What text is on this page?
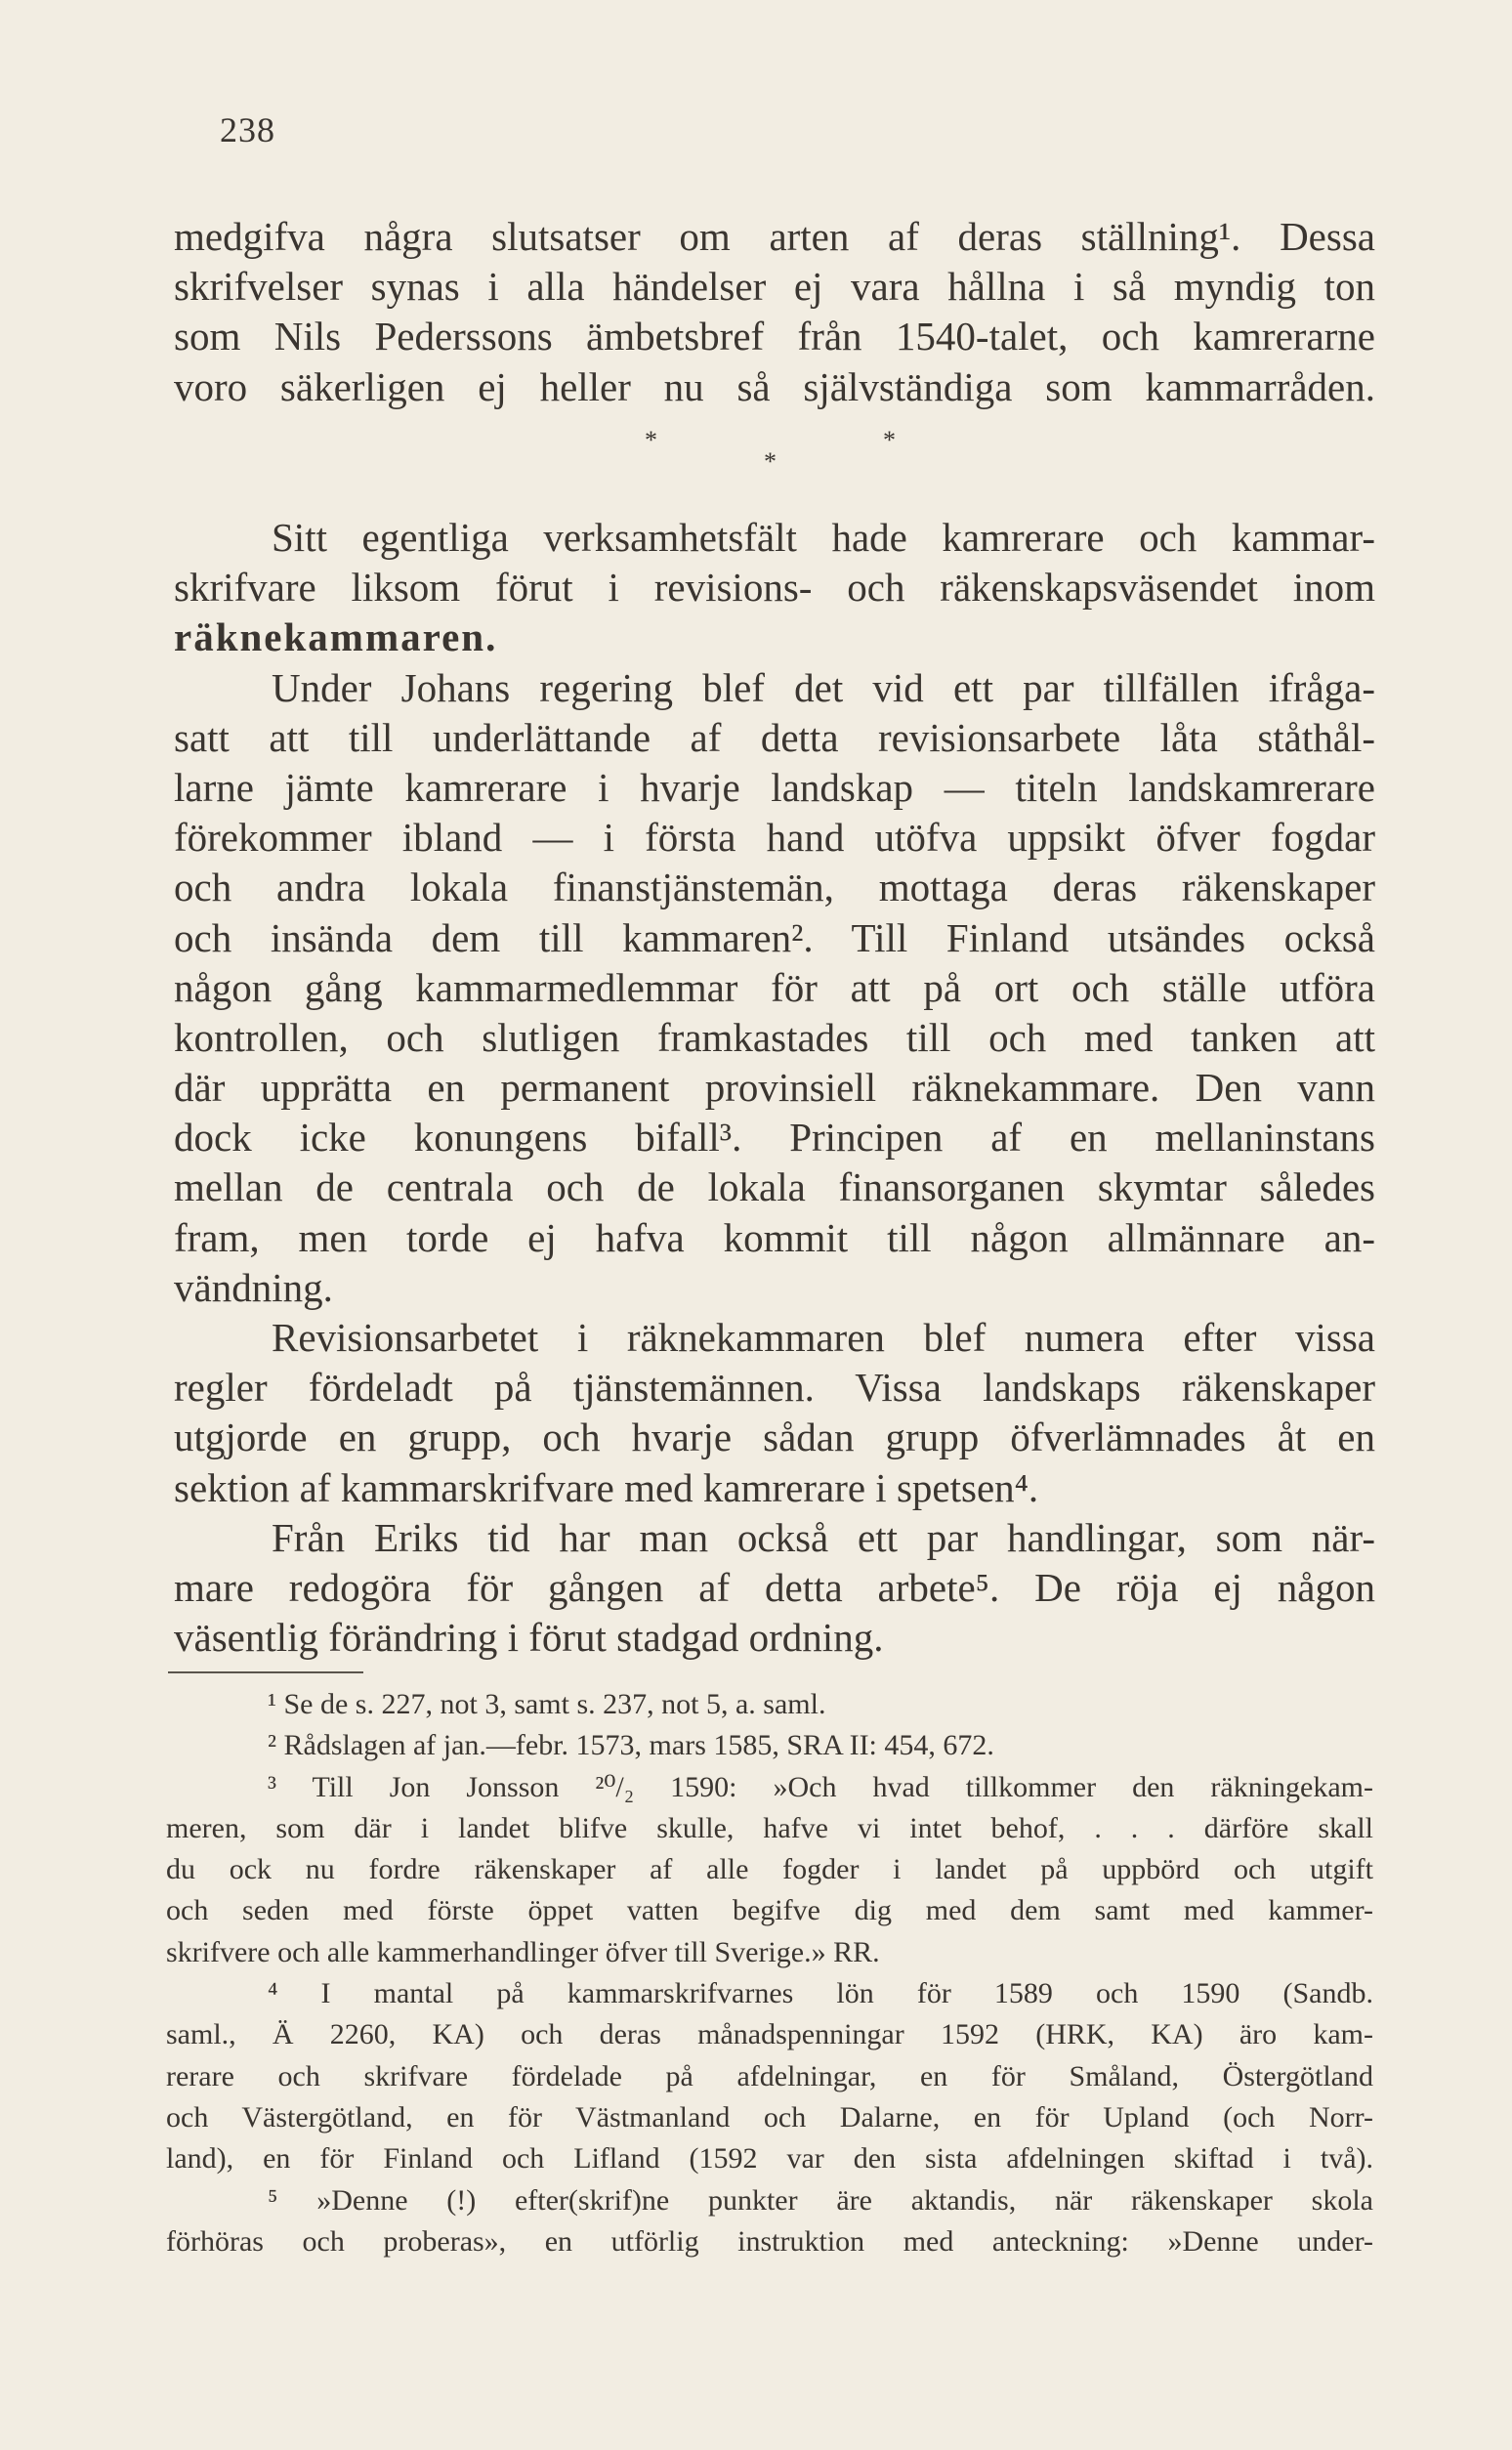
238
medgifva några slutsatser om arten af deras ställning¹. Dessa
skrifvelser synas i alla händelser ej vara hållna i så myndig ton
som Nils Pederssons ämbetsbref från 1540-talet, och kamrerarne
voro säkerligen ej heller nu så självständiga som kammarråden.
*
*
*
Sitt egentliga verksamhetsfält hade kamrerare och kammar-
skrifvare liksom förut i revisions- och räkenskapsväsendet inom
räknekammaren.
Under Johans regering blef det vid ett par tillfällen ifråga-
satt att till underlättande af detta revisionsarbete låta ståthål-
larne jämte kamrerare i hvarje landskap — titeln landskamrerare
förekommer ibland — i första hand utöfva uppsikt öfver fogdar
och andra lokala finanstjänstemän, mottaga deras räkenskaper
och insända dem till kammaren². Till Finland utsändes också
någon gång kammarmedlemmar för att på ort och ställe utföra
kontrollen, och slutligen framkastades till och med tanken att
där upprätta en permanent provinsiell räknekammare. Den vann
dock icke konungens bifall³. Principen af en mellaninstans
mellan de centrala och de lokala finansorganen skymtar således
fram, men torde ej hafva kommit till någon allmännare an-
vändning.
Revisionsarbetet i räknekammaren blef numera efter vissa
regler fördeladt på tjänstemännen. Vissa landskaps räkenskaper
utgjorde en grupp, och hvarje sådan grupp öfverlämnades åt en
sektion af kammarskrifvare med kamrerare i spetsen⁴.
Från Eriks tid har man också ett par handlingar, som när-
mare redogöra för gången af detta arbete⁵. De röja ej någon
väsentlig förändring i förut stadgad ordning.
¹ Se de s. 227, not 3, samt s. 237, not 5, a. saml.
² Rådslagen af jan.—febr. 1573, mars 1585, SRA II: 454, 672.
³ Till Jon Jonsson ²⁰/₂ 1590: »Och hvad tillkommer den räkningekam-
meren, som där i landet blifve skulle, hafve vi intet behof, . . . därföre skall
du ock nu fordre räkenskaper af alle fogder i landet på uppbörd och utgift
och seden med förste öppet vatten begifve dig med dem samt med kammer-
skrifvere och alle kammerhandlinger öfver till Sverige.» RR.
⁴ I mantal på kammarskrifvarnes lön för 1589 och 1590 (Sandb.
saml., Ä 2260, KA) och deras månadspenningar 1592 (HRK, KA) äro kam-
rerare och skrifvare fördelade på afdelningar, en för Småland, Östergötland
och Västergötland, en för Västmanland och Dalarne, en för Upland (och Norr-
land), en för Finland och Lifland (1592 var den sista afdelningen skiftad i två).
⁵ »Denne (!) efter(skrif)ne punkter äre aktandis, när räkenskaper skola
förhöras och proberas», en utförlig instruktion med anteckning: »Denne under-
